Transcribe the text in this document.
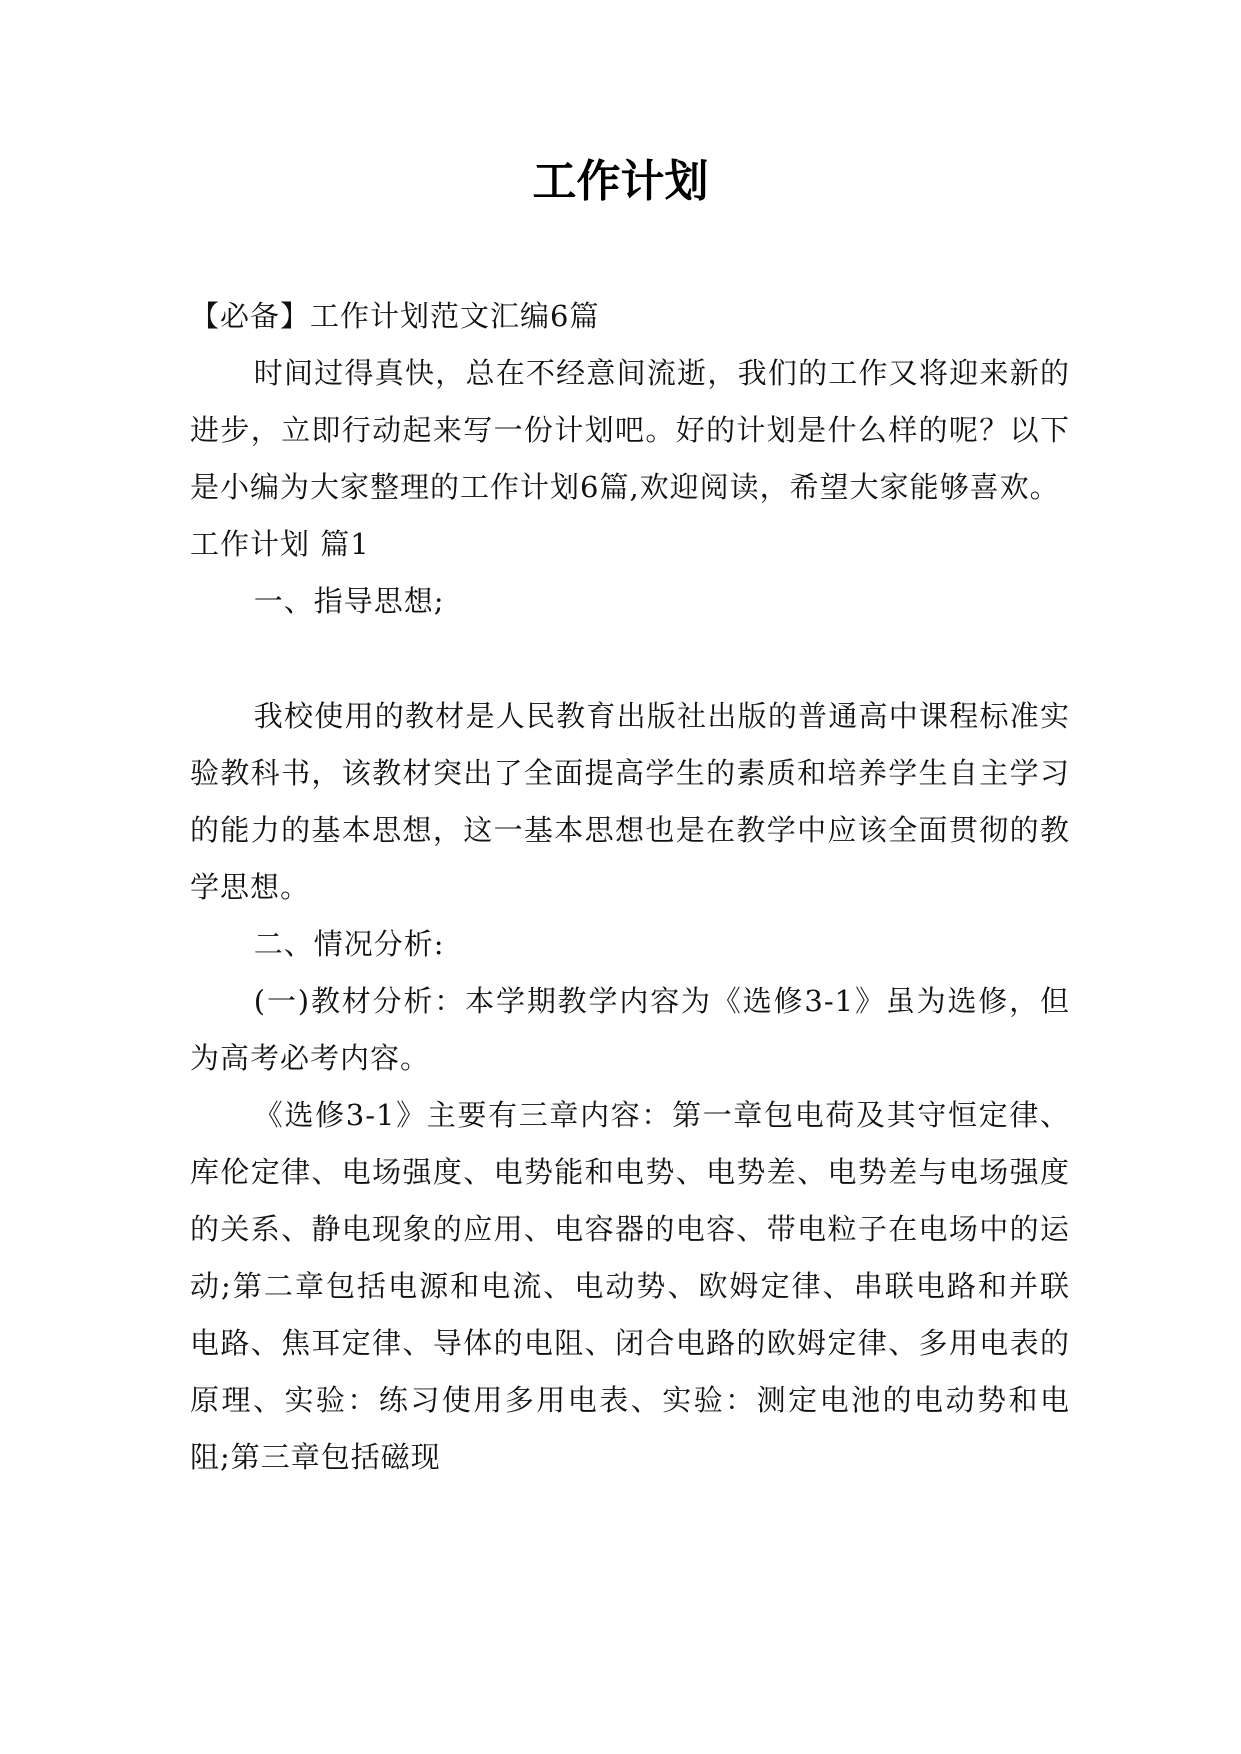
工作计划

【必备】工作计划范文汇编6篇

时间过得真快，总在不经意间流逝，我们的工作又将迎来新的进步，立即行动起来写一份计划吧。好的计划是什么样的呢？以下是小编为大家整理的工作计划6篇,欢迎阅读，希望大家能够喜欢。

工作计划 篇1

一、指导思想;

我校使用的教材是人民教育出版社出版的普通高中课程标准实验教科书，该教材突出了全面提高学生的素质和培养学生自主学习的能力的基本思想，这一基本思想也是在教学中应该全面贯彻的教学思想。

二、情况分析:

(一)教材分析：本学期教学内容为《选修3-1》虽为选修，但为高考必考内容。

《选修3-1》主要有三章内容：第一章包电荷及其守恒定律、库伦定律、电场强度、电势能和电势、电势差、电势差与电场强度的关系、静电现象的应用、电容器的电容、带电粒子在电场中的运动;第二章包括电源和电流、电动势、欧姆定律、串联电路和并联电路、焦耳定律、导体的电阻、闭合电路的欧姆定律、多用电表的原理、实验：练习使用多用电表、实验：测定电池的电动势和电阻;第三章包括磁现
